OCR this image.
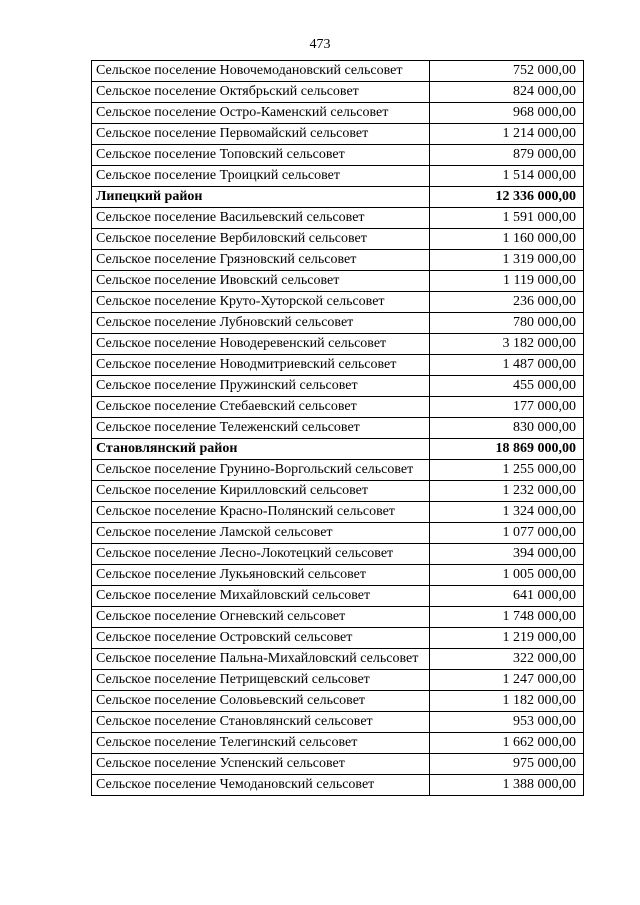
473
Сельское поселение Новочемодановский сельсовет	752 000,00
Сельское поселение Октябрьский сельсовет	824 000,00
Сельское поселение Остро-Каменский сельсовет	968 000,00
Сельское поселение Первомайский сельсовет	1 214 000,00
Сельское поселение Топовский сельсовет	879 000,00
Сельское поселение Троицкий сельсовет	1 514 000,00
Липецкий район	12 336 000,00
Сельское поселение Васильевский сельсовет	1 591 000,00
Сельское поселение Вербиловский сельсовет	1 160 000,00
Сельское поселение Грязновский сельсовет	1 319 000,00
Сельское поселение Ивовский сельсовет	1 119 000,00
Сельское поселение Круто-Хуторской сельсовет	236 000,00
Сельское поселение Лубновский сельсовет	780 000,00
Сельское поселение Новодеревенский сельсовет	3 182 000,00
Сельское поселение Новодмитриевский сельсовет	1 487 000,00
Сельское поселение Пружинский сельсовет	455 000,00
Сельское поселение Стебаевский сельсовет	177 000,00
Сельское поселение Тележенский сельсовет	830 000,00
Становлянский район	18 869 000,00
Сельское поселение Грунино-Воргольский сельсовет	1 255 000,00
Сельское поселение Кирилловский сельсовет	1 232 000,00
Сельское поселение Красно-Полянский сельсовет	1 324 000,00
Сельское поселение Ламской сельсовет	1 077 000,00
Сельское поселение Лесно-Локотецкий сельсовет	394 000,00
Сельское поселение Лукьяновский сельсовет	1 005 000,00
Сельское поселение Михайловский сельсовет	641 000,00
Сельское поселение Огневский сельсовет	1 748 000,00
Сельское поселение Островский сельсовет	1 219 000,00
Сельское поселение Пальна-Михайловский сельсовет	322 000,00
Сельское поселение Петрищевский сельсовет	1 247 000,00
Сельское поселение Соловьевский сельсовет	1 182 000,00
Сельское поселение Становлянский сельсовет	953 000,00
Сельское поселение Телегинский сельсовет	1 662 000,00
Сельское поселение Успенский сельсовет	975 000,00
Сельское поселение Чемодановский сельсовет	1 388 000,00
